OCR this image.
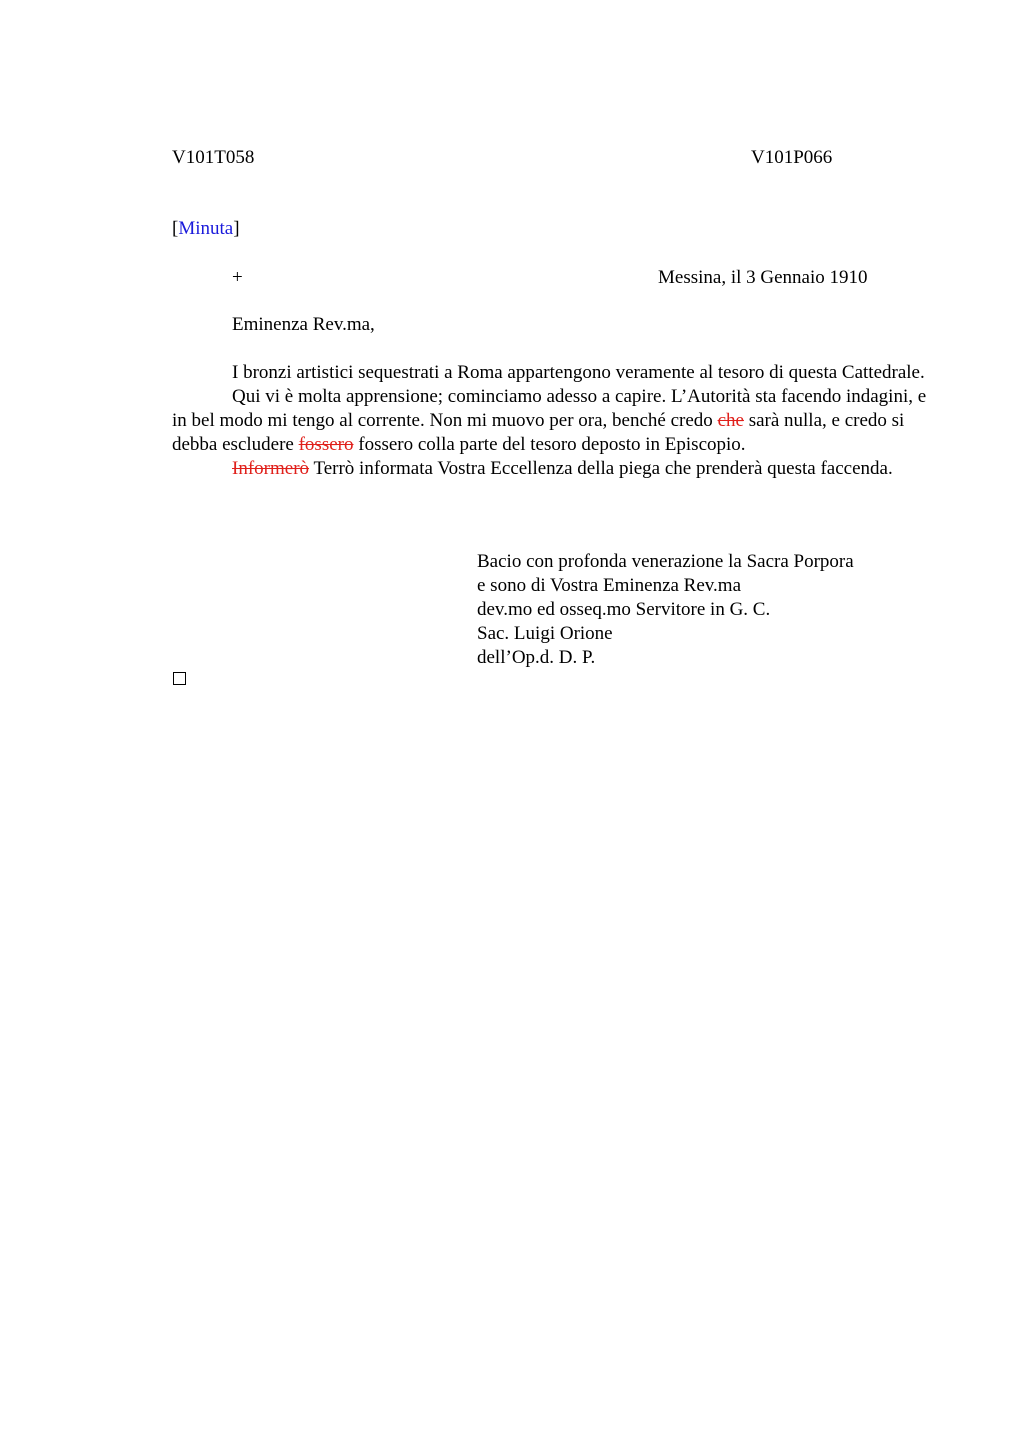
V101T058	V101P066
[Minuta]
+	Messina, il 3 Gennaio 1910
Eminenza Rev.ma,

I bronzi artistici sequestrati a Roma appartengono veramente al tesoro di questa Cattedrale.

Qui vi è molta apprensione; cominciamo adesso a capire. L’Autorità sta facendo indagini, e in bel modo mi tengo al corrente. Non mi muovo per ora, benché credo che sarà nulla, e credo si debba escludere fossero fossero colla parte del tesoro deposto in Episcopio.

Informerò Terrò informata Vostra Eccellenza della piega che prenderà questa faccenda.

Bacio con profonda venerazione la Sacra Porpora
e sono di Vostra Eminenza Rev.ma
dev.mo ed osseq.mo Servitore in G. C.
Sac. Luigi Orione
dell’Op.d. D. P.
